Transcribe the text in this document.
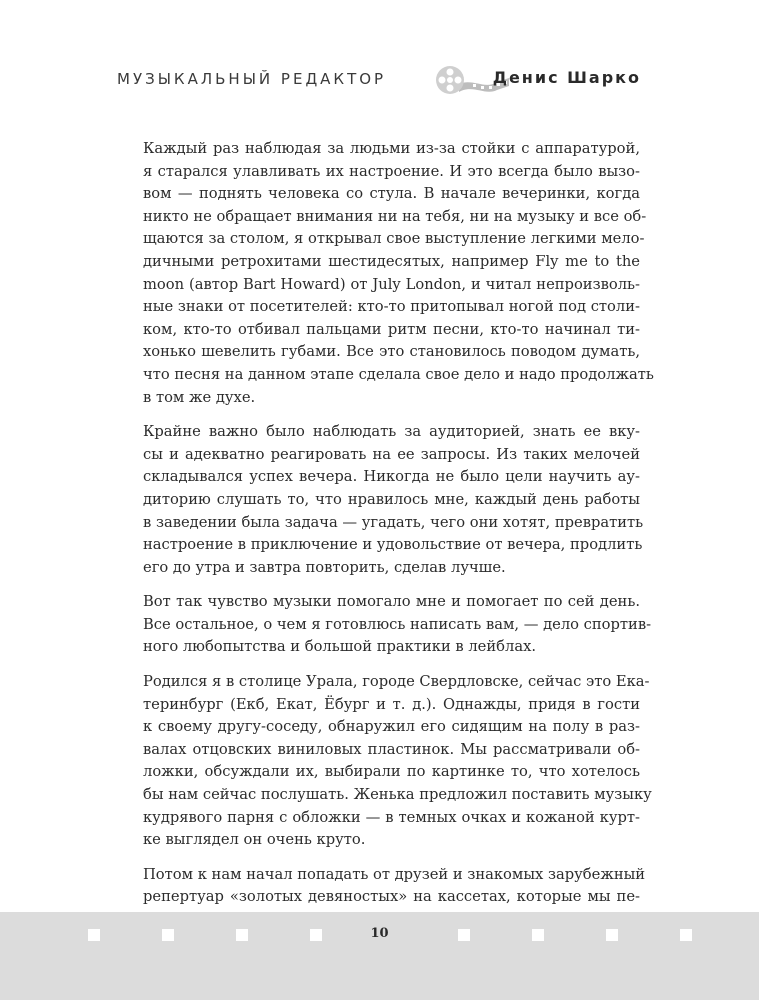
МУЗЫКАЛЬНЫЙ РЕДАКТОР	Денис Шарко
Каждый раз наблюдая за людьми из-за стойки с аппаратурой,
я старался улавливать их настроение. И это всегда было вызо-
вом — поднять человека со стула. В начале вечеринки, когда
никто не обращает внимания ни на тебя, ни на музыку и все об-
щаются за столом, я открывал свое выступление легкими мело-
дичными ретрохитами шестидесятых, например Fly me to the
moon (автор Bart Howard) от July London, и читал непроизволь-
ные знаки от посетителей: кто-то притопывал ногой под столи-
ком, кто-то отбивал пальцами ритм песни, кто-то начинал ти-
хонько шевелить губами. Все это становилось поводом думать,
что песня на данном этапе сделала свое дело и надо продолжать
в том же духе.
Крайне важно было наблюдать за аудиторией, знать ее вку-
сы и адекватно реагировать на ее запросы. Из таких мелочей
складывался успех вечера. Никогда не было цели научить ау-
диторию слушать то, что нравилось мне, каждый день работы
в заведении была задача — угадать, чего они хотят, превратить
настроение в приключение и удовольствие от вечера, продлить
его до утра и завтра повторить, сделав лучше.
Вот так чувство музыки помогало мне и помогает по сей день.
Все остальное, о чем я готовлюсь написать вам, — дело спортив-
ного любопытства и большой практики в лейблах.
Родился я в столице Урала, городе Свердловске, сейчас это Ека-
теринбург (Екб, Екат, Ёбург и т. д.). Однажды, придя в гости
к своему другу-соседу, обнаружил его сидящим на полу в раз-
валах отцовских виниловых пластинок. Мы рассматривали об-
ложки, обсуждали их, выбирали по картинке то, что хотелось
бы нам сейчас послушать. Женька предложил поставить музыку
кудрявого парня с обложки — в темных очках и кожаной курт-
ке выглядел он очень круто.
Потом к нам начал попадать от друзей и знакомых зарубежный
репертуар «золотых девяностых» на кассетах, которые мы пе-
10
